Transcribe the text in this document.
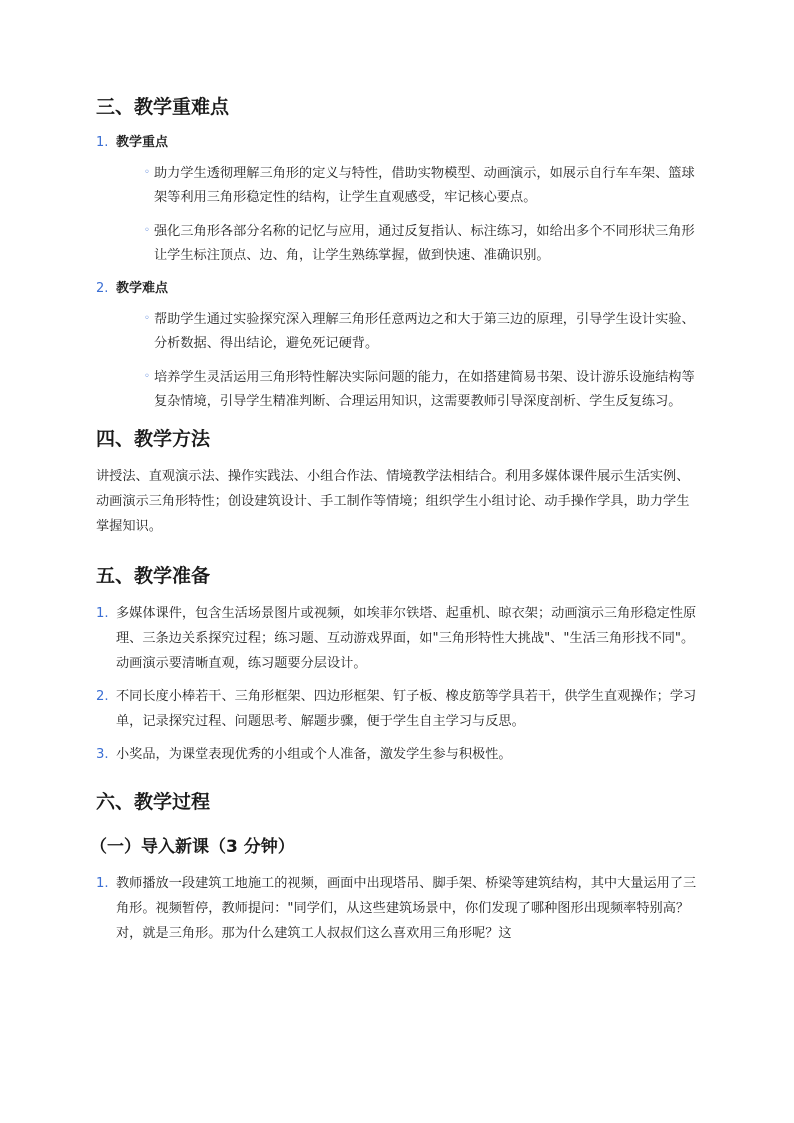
三、教学重难点
1. 教学重点
◦ 助力学生透彻理解三角形的定义与特性，借助实物模型、动画演示，如展示自行车车架、篮球架等利用三角形稳定性的结构，让学生直观感受，牢记核心要点。
◦ 强化三角形各部分名称的记忆与应用，通过反复指认、标注练习，如给出多个不同形状三角形让学生标注顶点、边、角，让学生熟练掌握，做到快速、准确识别。
2. 教学难点
◦ 帮助学生通过实验探究深入理解三角形任意两边之和大于第三边的原理，引导学生设计实验、分析数据、得出结论，避免死记硬背。
◦ 培养学生灵活运用三角形特性解决实际问题的能力，在如搭建简易书架、设计游乐设施结构等复杂情境，引导学生精准判断、合理运用知识，这需要教师引导深度剖析、学生反复练习。
四、教学方法

讲授法、直观演示法、操作实践法、小组合作法、情境教学法相结合。利用多媒体课件展示生活实例、动画演示三角形特性；创设建筑设计、手工制作等情境；组织学生小组讨论、动手操作学具，助力学生掌握知识。

五、教学准备
1. 多媒体课件，包含生活场景图片或视频，如埃菲尔铁塔、起重机、晾衣架；动画演示三角形稳定性原理、三条边关系探究过程；练习题、互动游戏界面，如"三角形特性大挑战"、"生活三角形找不同"。动画演示要清晰直观，练习题要分层设计。
2. 不同长度小棒若干、三角形框架、四边形框架、钉子板、橡皮筋等学具若干，供学生直观操作；学习单，记录探究过程、问题思考、解题步骤，便于学生自主学习与反思。
3. 小奖品，为课堂表现优秀的小组或个人准备，激发学生参与积极性。
六、教学过程
（一）导入新课（3 分钟）
1. 教师播放一段建筑工地施工的视频，画面中出现塔吊、脚手架、桥梁等建筑结构，其中大量运用了三角形。视频暂停，教师提问："同学们，从这些建筑场景中，你们发现了哪种图形出现频率特别高？对，就是三角形。那为什么建筑工人叔叔们这么喜欢用三角形呢？这
